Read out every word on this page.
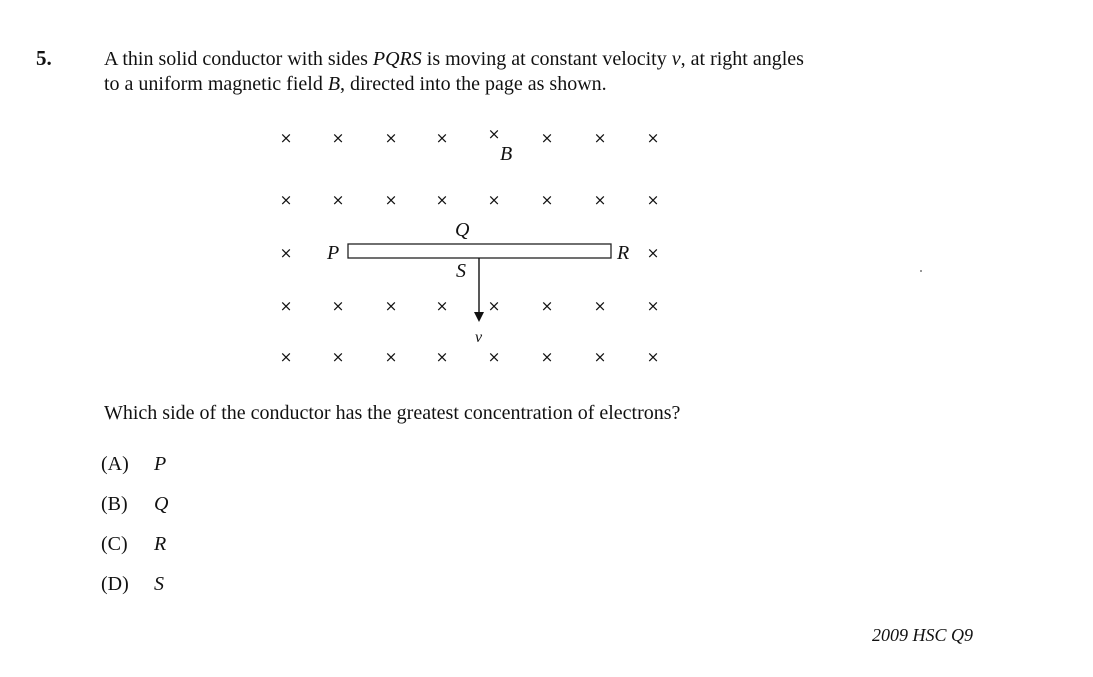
5.	A thin solid conductor with sides PQRS is moving at constant velocity v, at right angles

to a uniform magnetic field B, directed into the page as shown.

×	×	×	×	×	×	×	×
×	×	×	×	×	×	×	×
×	×
×	×	×	×	×	×	×	×
×	×	×	×	×	×	×	×
B
Q
P	R
S
v
Which side of the conductor has the greatest concentration of electrons?
(A)	P
(B)	Q
(C)	R
(D)	S
2009 HSC Q9
